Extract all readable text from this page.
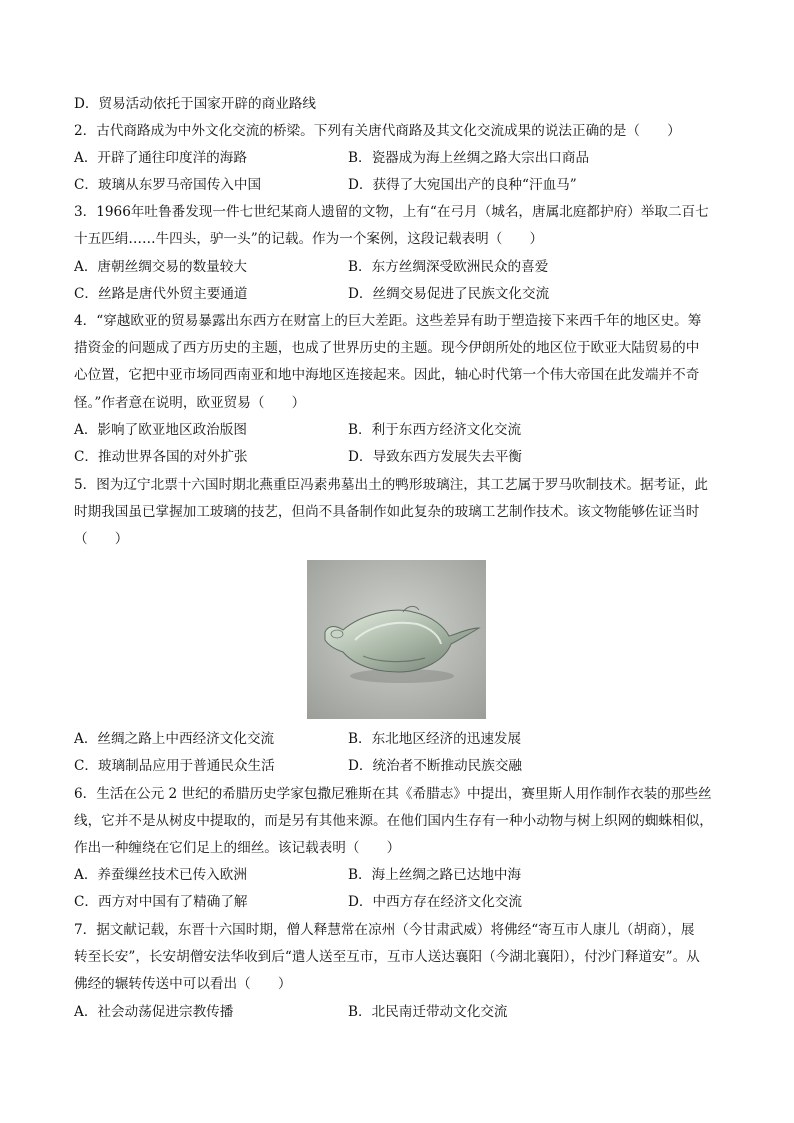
D．贸易活动依托于国家开辟的商业路线
2．古代商路成为中外文化交流的桥梁。下列有关唐代商路及其文化交流成果的说法正确的是（　　）
A．开辟了通往印度洋的海路	B．瓷器成为海上丝绸之路大宗出口商品
C．玻璃从东罗马帝国传入中国	D．获得了大宛国出产的良种“汗血马”
3．1966年吐鲁番发现一件七世纪某商人遗留的文物，上有“在弓月（城名，唐属北庭都护府）举取二百七
十五匹绢……牛四头，驴一头”的记载。作为一个案例，这段记载表明（　　）
A．唐朝丝绸交易的数量较大	B．东方丝绸深受欧洲民众的喜爱
C．丝路是唐代外贸主要通道	D．丝绸交易促进了民族文化交流
4．“穿越欧亚的贸易暴露出东西方在财富上的巨大差距。这些差异有助于塑造接下来西千年的地区史。筹
措资金的问题成了西方历史的主题，也成了世界历史的主题。现今伊朗所处的地区位于欧亚大陆贸易的中
心位置，它把中亚市场同西南亚和地中海地区连接起来。因此，轴心时代第一个伟大帝国在此发端并不奇
怪。”作者意在说明，欧亚贸易（　　）
A．影响了欧亚地区政治版图	B．利于东西方经济文化交流
C．推动世界各国的对外扩张	D．导致东西方发展失去平衡
5．图为辽宁北票十六国时期北燕重臣冯素弗墓出土的鸭形玻璃注，其工艺属于罗马吹制技术。据考证，此
时期我国虽已掌握加工玻璃的技艺，但尚不具备制作如此复杂的玻璃工艺制作技术。该文物能够佐证当时
（　　）
A．丝绸之路上中西经济文化交流	B．东北地区经济的迅速发展
C．玻璃制品应用于普通民众生活	D．统治者不断推动民族交融
6．生活在公元 2 世纪的希腊历史学家包撒尼雅斯在其《希腊志》中提出，赛里斯人用作制作衣装的那些丝
线，它并不是从树皮中提取的，而是另有其他来源。在他们国内生存有一种小动物与树上织网的蜘蛛相似，
作出一种缠绕在它们足上的细丝。该记载表明（　　）
A．养蚕缫丝技术已传入欧洲	B．海上丝绸之路已达地中海
C．西方对中国有了精确了解	D．中西方存在经济文化交流
7．据文献记载，东晋十六国时期，僧人释慧常在凉州（今甘肃武威）将佛经“寄互市人康儿（胡商），展
转至长安”，长安胡僧安法华收到后“遣人送至互市，互市人送达襄阳（今湖北襄阳），付沙门释道安”。从
佛经的辗转传送中可以看出（　　）
A．社会动荡促进宗教传播	B．北民南迁带动文化交流
